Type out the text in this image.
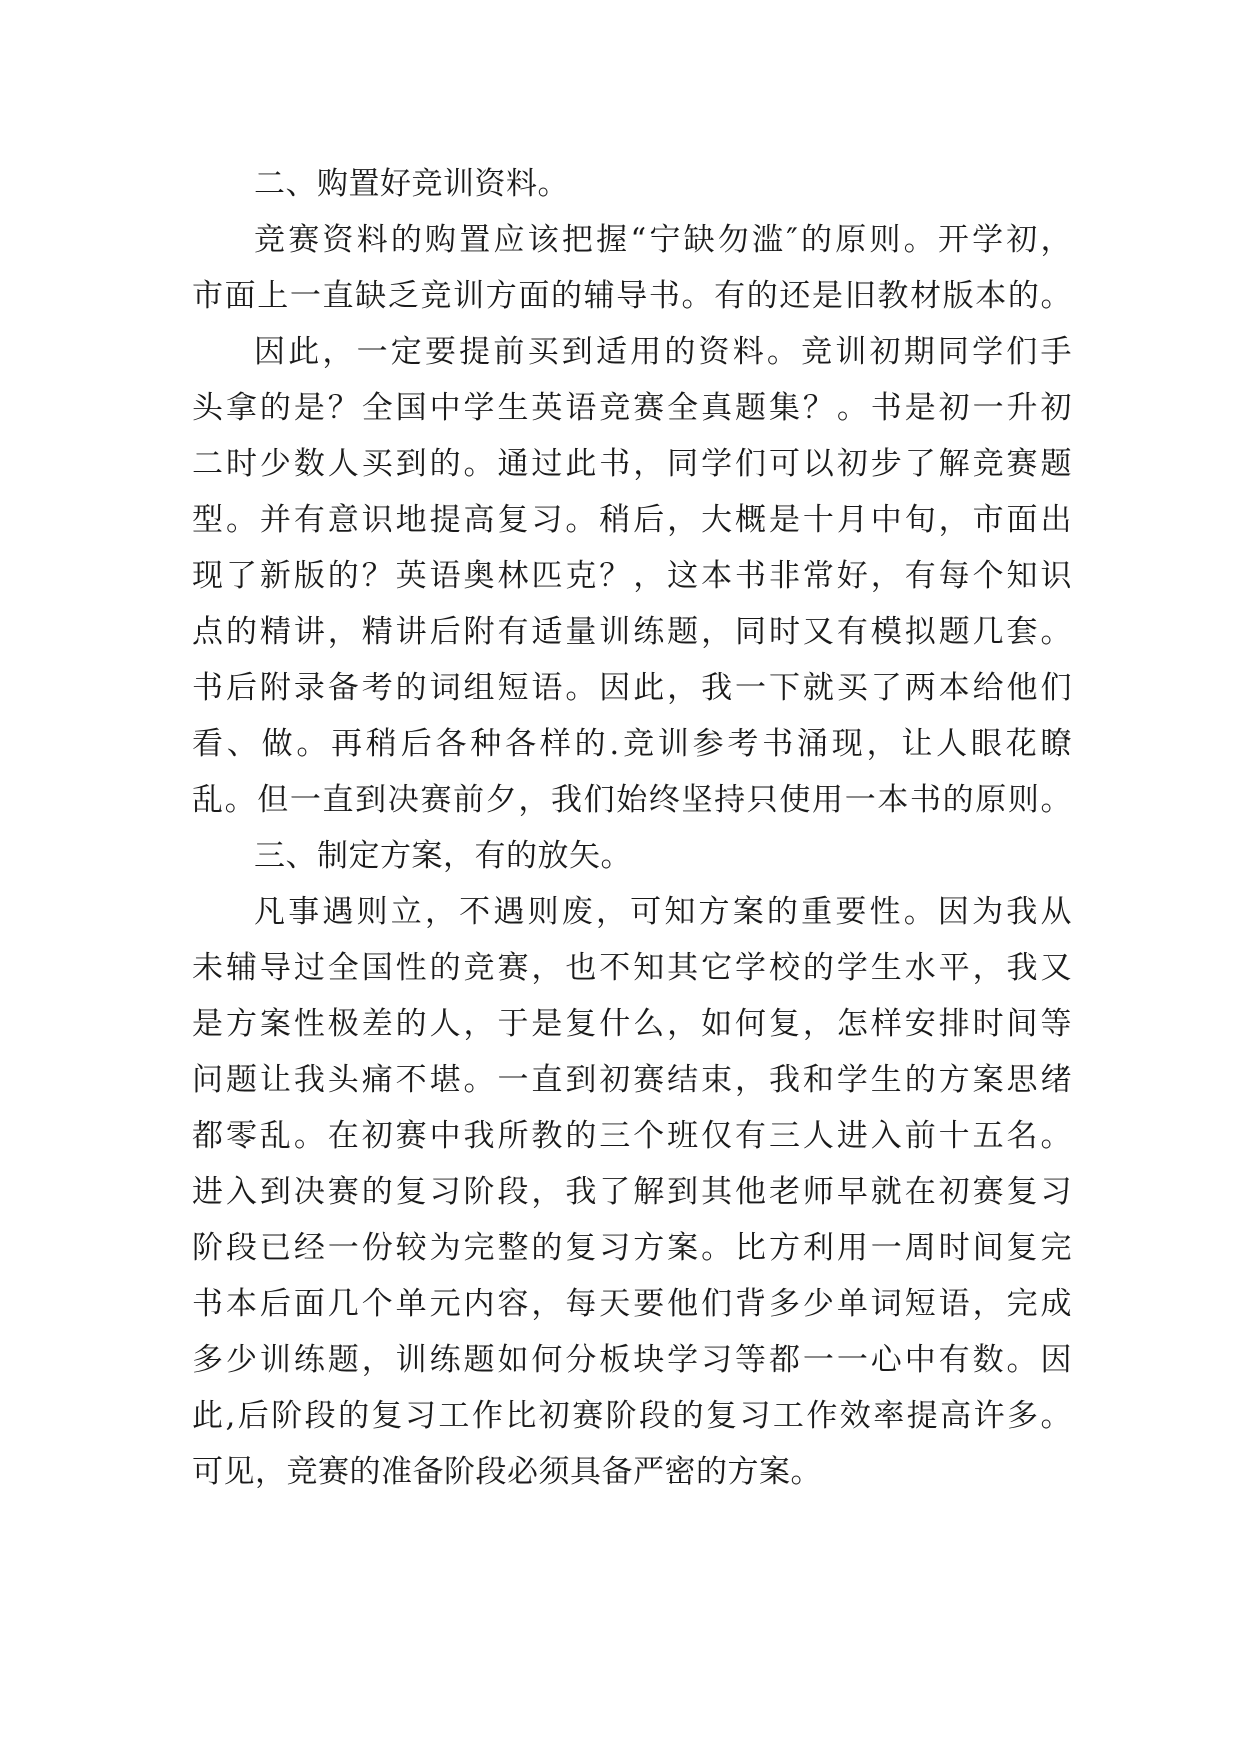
二、购置好竞训资料。
竞赛资料的购置应该把握“宁缺勿滥″的原则。开学初，
市面上一直缺乏竞训方面的辅导书。有的还是旧教材版本的。
因此，一定要提前买到适用的资料。竞训初期同学们手
头拿的是？全国中学生英语竞赛全真题集？。书是初一升初
二时少数人买到的。通过此书，同学们可以初步了解竞赛题
型。并有意识地提高复习。稍后，大概是十月中旬，市面出
现了新版的？英语奥林匹克？，这本书非常好，有每个知识
点的精讲，精讲后附有适量训练题，同时又有模拟题几套。
书后附录备考的词组短语。因此，我一下就买了两本给他们
看、做。再稍后各种各样的.竞训参考书涌现，让人眼花瞭
乱。但一直到决赛前夕，我们始终坚持只使用一本书的原则。
三、制定方案，有的放矢。
凡事遇则立，不遇则废，可知方案的重要性。因为我从
未辅导过全国性的竞赛，也不知其它学校的学生水平，我又
是方案性极差的人，于是复什么，如何复，怎样安排时间等
问题让我头痛不堪。一直到初赛结束，我和学生的方案思绪
都零乱。在初赛中我所教的三个班仅有三人进入前十五名。
进入到决赛的复习阶段，我了解到其他老师早就在初赛复习
阶段已经一份较为完整的复习方案。比方利用一周时间复完
书本后面几个单元内容，每天要他们背多少单词短语，完成
多少训练题，训练题如何分板块学习等都一一心中有数。因
此,后阶段的复习工作比初赛阶段的复习工作效率提高许多。
可见，竞赛的准备阶段必须具备严密的方案。
